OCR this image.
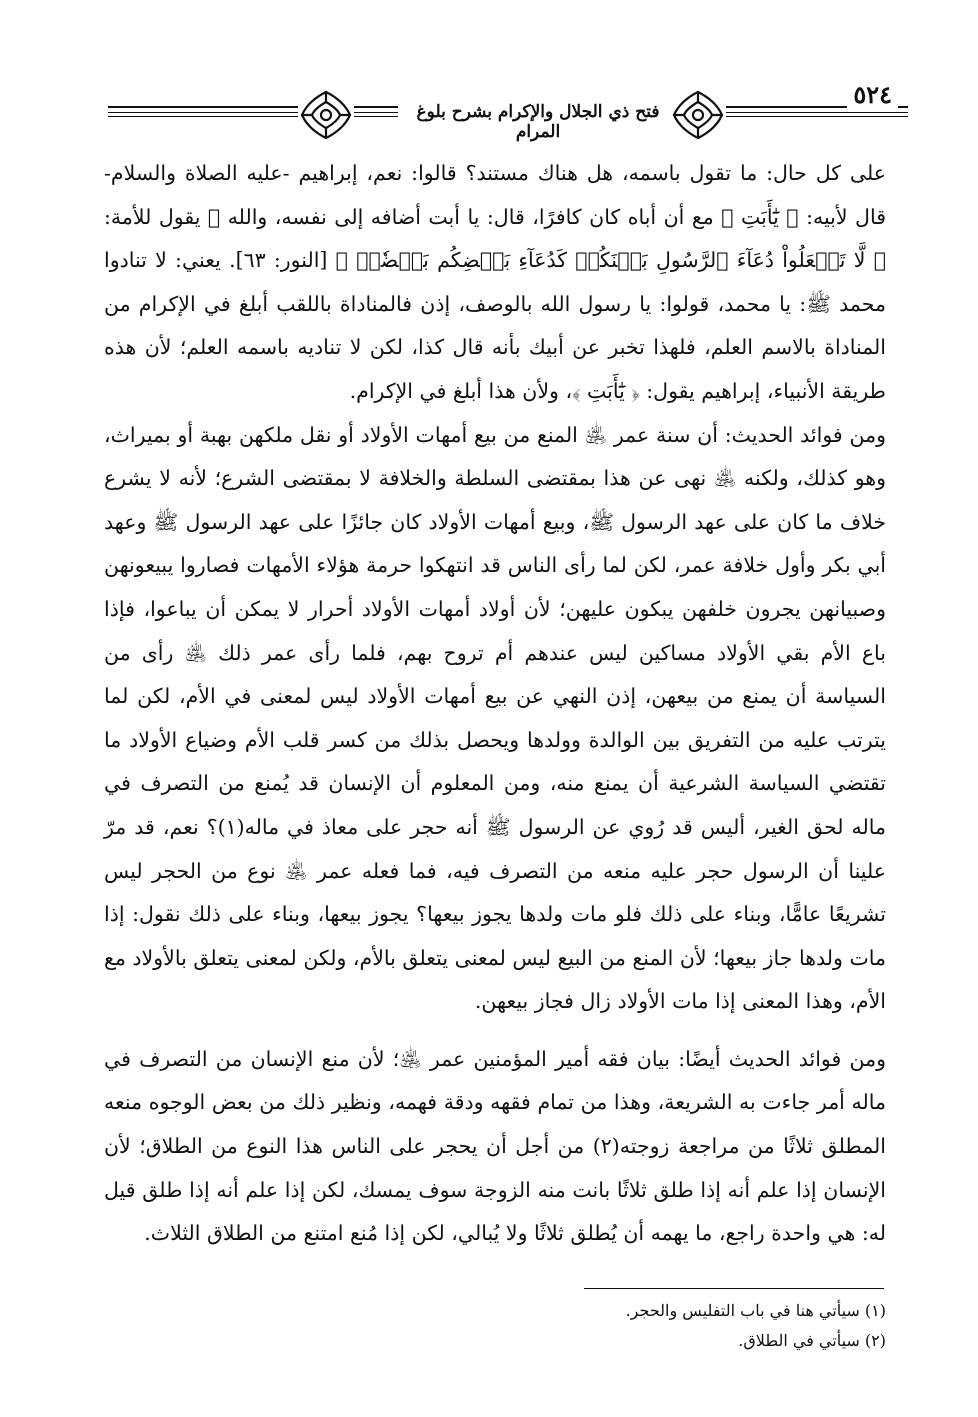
فتح ذي الجلال والإكرام بشرح بلوغ المرام
٥٢٤

على كل حال: ما تقول باسمه، هل هناك مستند؟ قالوا: نعم، إبراهيم -عليه الصلاة والسلام- قال لأبيه: ﴿ يَٰٓأَبَتِ ﴾ مع أن أباه كان كافرًا، قال: يا أبت أضافه إلى نفسه، والله ﷻ يقول للأمة: ﴿ لَّا تَجۡعَلُواْ دُعَآءَ ٱلرَّسُولِ بَيۡنَكُمۡ كَدُعَآءِ بَعۡضِكُم بَعۡضٗاۚ ﴾ [النور: ٦٣]. يعني: لا تنادوا محمد ﷺ: يا محمد، قولوا: يا رسول الله بالوصف، إذن فالمناداة باللقب أبلغ في الإكرام من المناداة بالاسم العلم، فلهذا تخبر عن أبيك بأنه قال كذا، لكن لا تناديه باسمه العلم؛ لأن هذه طريقة الأنبياء، إبراهيم يقول: ﴿ يَٰٓأَبَتِ ﴾، ولأن هذا أبلغ في الإكرام.

ومن فوائد الحديث: أن سنة عمر ﵁ المنع من بيع أمهات الأولاد أو نقل ملكهن بهبة أو بميراث، وهو كذلك، ولكنه ﵁ نهى عن هذا بمقتضى السلطة والخلافة لا بمقتضى الشرع؛ لأنه لا يشرع خلاف ما كان على عهد الرسول ﷺ، وبيع أمهات الأولاد كان جائزًا على عهد الرسول ﷺ وعهد أبي بكر وأول خلافة عمر، لكن لما رأى الناس قد انتهكوا حرمة هؤلاء الأمهات فصاروا يبيعونهن وصبيانهن يجرون خلفهن يبكون عليهن؛ لأن أولاد أمهات الأولاد أحرار لا يمكن أن يباعوا، فإذا باع الأم بقي الأولاد مساكين ليس عندهم أم تروح بهم، فلما رأى عمر ذلك ﵁ رأى من السياسة أن يمنع من بيعهن، إذن النهي عن بيع أمهات الأولاد ليس لمعنى في الأم، لكن لما يترتب عليه من التفريق بين الوالدة وولدها ويحصل بذلك من كسر قلب الأم وضياع الأولاد ما تقتضي السياسة الشرعية أن يمنع منه، ومن المعلوم أن الإنسان قد يُمنع من التصرف في ماله لحق الغير، أليس قد رُوي عن الرسول ﷺ أنه حجر على معاذ في ماله(١)؟ نعم، قد مرّ علينا أن الرسول حجر عليه منعه من التصرف فيه، فما فعله عمر ﵁ نوع من الحجر ليس تشريعًا عامًّا، وبناء على ذلك فلو مات ولدها يجوز بيعها؟ يجوز بيعها، وبناء على ذلك نقول: إذا مات ولدها جاز بيعها؛ لأن المنع من البيع ليس لمعنى يتعلق بالأم، ولكن لمعنى يتعلق بالأولاد مع الأم، وهذا المعنى إذا مات الأولاد زال فجاز بيعهن.

ومن فوائد الحديث أيضًا: بيان فقه أمير المؤمنين عمر ﵁؛ لأن منع الإنسان من التصرف في ماله أمر جاءت به الشريعة، وهذا من تمام فقهه ودقة فهمه، ونظير ذلك من بعض الوجوه منعه المطلق ثلاثًا من مراجعة زوجته(٢) من أجل أن يحجر على الناس هذا النوع من الطلاق؛ لأن الإنسان إذا علم أنه إذا طلق ثلاثًا بانت منه الزوجة سوف يمسك، لكن إذا علم أنه إذا طلق قيل له: هي واحدة راجع، ما يهمه أن يُطلق ثلاثًا ولا يُبالي، لكن إذا مُنع امتنع من الطلاق الثلاث.

(١) سيأتي هنا في باب التفليس والحجر.

(٢) سيأتي في الطلاق.
